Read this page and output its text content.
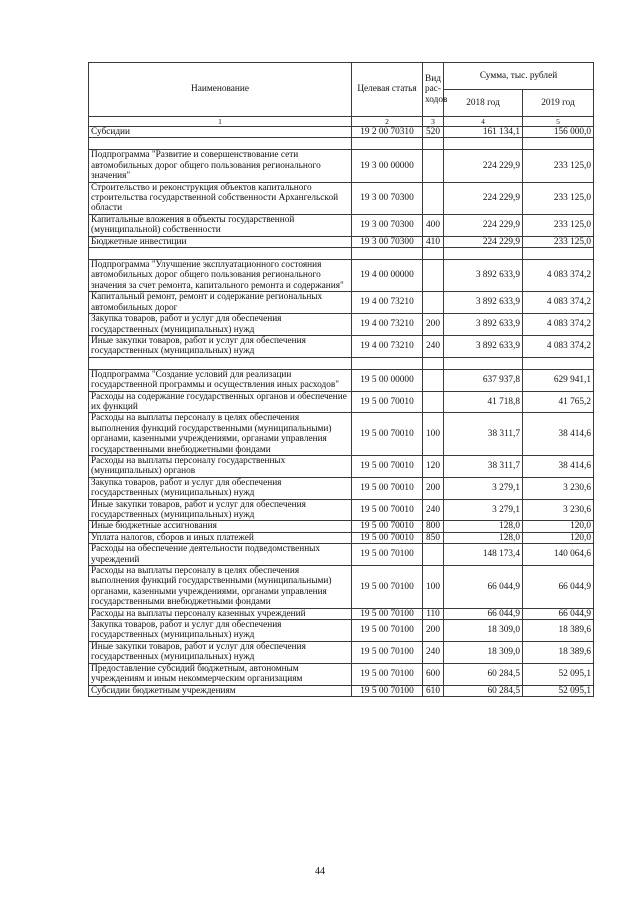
Наименование	Целевая статья	Вид рас-ходов	Сумма, тыс. рублей	
			2018 год	2019 год
1	2	3	4	5
Субсидии	19 2 00 70310	520	161 134,1	156 000,0

Подпрограмма "Развитие и совершенствование сети автомобильных дорог общего пользования регионального значения"	19 3 00 00000		224 229,9	233 125,0
Строительство и реконструкция объектов капитального строительства государственной собственности Архангельской области	19 3 00 70300		224 229,9	233 125,0
Капитальные вложения в объекты государственной (муниципальной) собственности	19 3 00 70300	400	224 229,9	233 125,0
Бюджетные инвестиции	19 3 00 70300	410	224 229,9	233 125,0

Подпрограмма "Улучшение эксплуатационного состояния автомобильных дорог общего пользования регионального значения за счет ремонта, капитального ремонта и содержания"	19 4 00 00000		3 892 633,9	4 083 374,2
Капитальный ремонт, ремонт и содержание региональных автомобильных дорог	19 4 00 73210		3 892 633,9	4 083 374,2
Закупка товаров, работ и услуг для обеспечения государственных (муниципальных) нужд	19 4 00 73210	200	3 892 633,9	4 083 374,2
Иные закупки товаров, работ и услуг для обеспечения государственных (муниципальных) нужд	19 4 00 73210	240	3 892 633,9	4 083 374,2

Подпрограмма "Создание условий для реализации государственной программы и осуществления иных расходов"	19 5 00 00000		637 937,8	629 941,1
Расходы на содержание государственных органов и обеспечение их функций	19 5 00 70010		41 718,8	41 765,2
Расходы на выплаты персоналу в целях обеспечения выполнения функций государственными (муниципальными) органами, казенными учреждениями, органами управления государственными внебюджетными фондами	19 5 00 70010	100	38 311,7	38 414,6
Расходы на выплаты персоналу государственных (муниципальных) органов	19 5 00 70010	120	38 311,7	38 414,6
Закупка товаров, работ и услуг для обеспечения государственных (муниципальных) нужд	19 5 00 70010	200	3 279,1	3 230,6
Иные закупки товаров, работ и услуг для обеспечения государственных (муниципальных) нужд	19 5 00 70010	240	3 279,1	3 230,6
Иные бюджетные ассигнования	19 5 00 70010	800	128,0	120,0
Уплата налогов, сборов и иных платежей	19 5 00 70010	850	128,0	120,0
Расходы на обеспечение деятельности подведомственных учреждений	19 5 00 70100		148 173,4	140 064,6
Расходы на выплаты персоналу в целях обеспечения выполнения функций государственными (муниципальными) органами, казенными учреждениями, органами управления государственными внебюджетными фондами	19 5 00 70100	100	66 044,9	66 044,9
Расходы на выплаты персоналу казенных учреждений	19 5 00 70100	110	66 044,9	66 044,9
Закупка товаров, работ и услуг для обеспечения государственных (муниципальных) нужд	19 5 00 70100	200	18 309,0	18 389,6
Иные закупки товаров, работ и услуг для обеспечения государственных (муниципальных) нужд	19 5 00 70100	240	18 309,0	18 389,6
Предоставление субсидий бюджетным, автономным учреждениям и иным некоммерческим организациям	19 5 00 70100	600	60 284,5	52 095,1
Субсидии бюджетным учреждениям	19 5 00 70100	610	60 284,5	52 095,1
44
